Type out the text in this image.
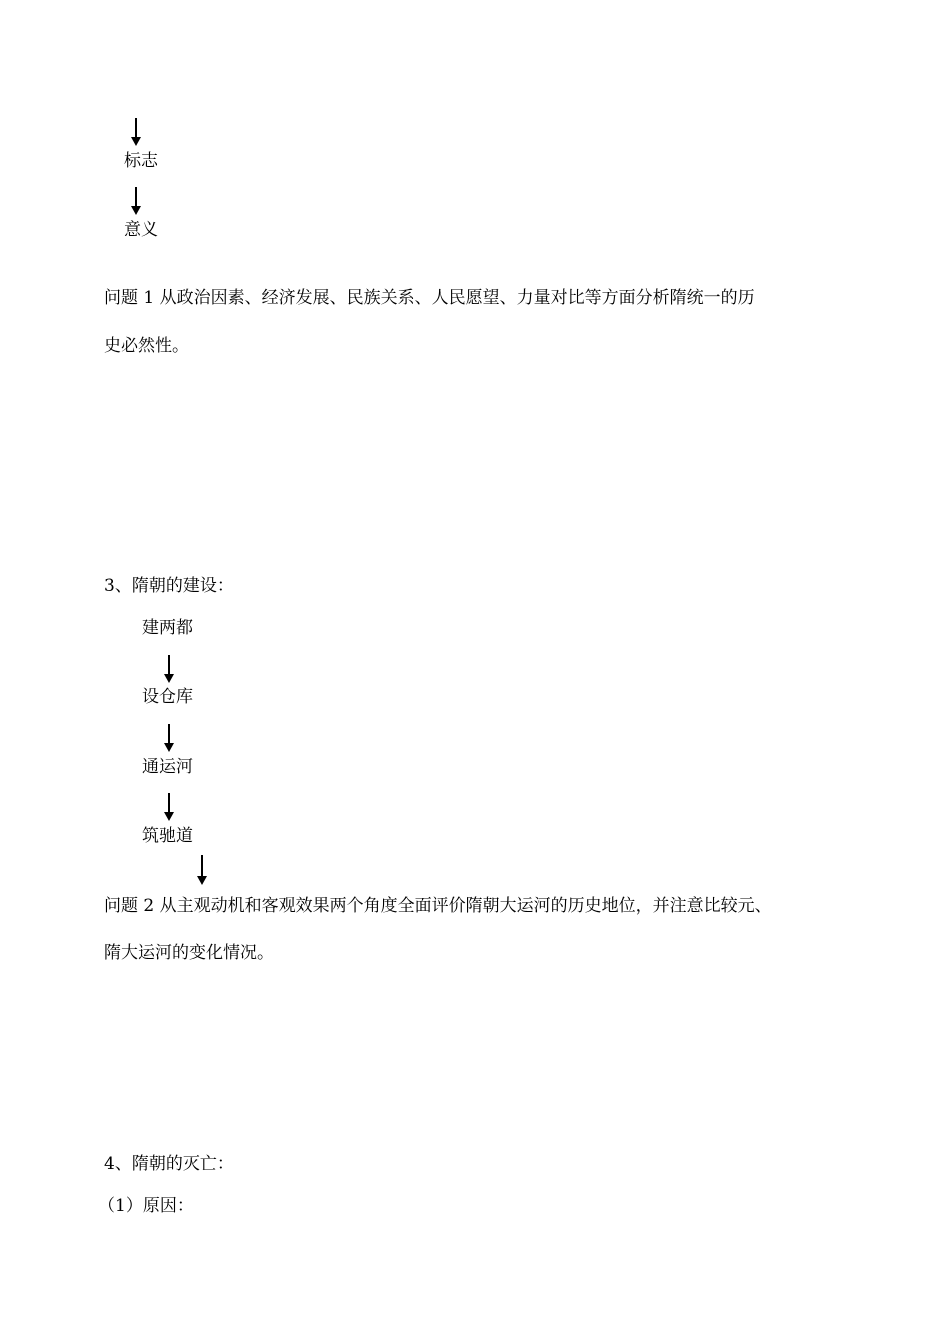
标志

意义

问题 1 从政治因素、经济发展、民族关系、人民愿望、力量对比等方面分析隋统一的历

史必然性。

3、隋朝的建设：

建两都

设仓库

通运河

筑驰道

问题 2 从主观动机和客观效果两个角度全面评价隋朝大运河的历史地位，并注意比较元、

隋大运河的变化情况。

4、隋朝的灭亡：

（1）原因：
